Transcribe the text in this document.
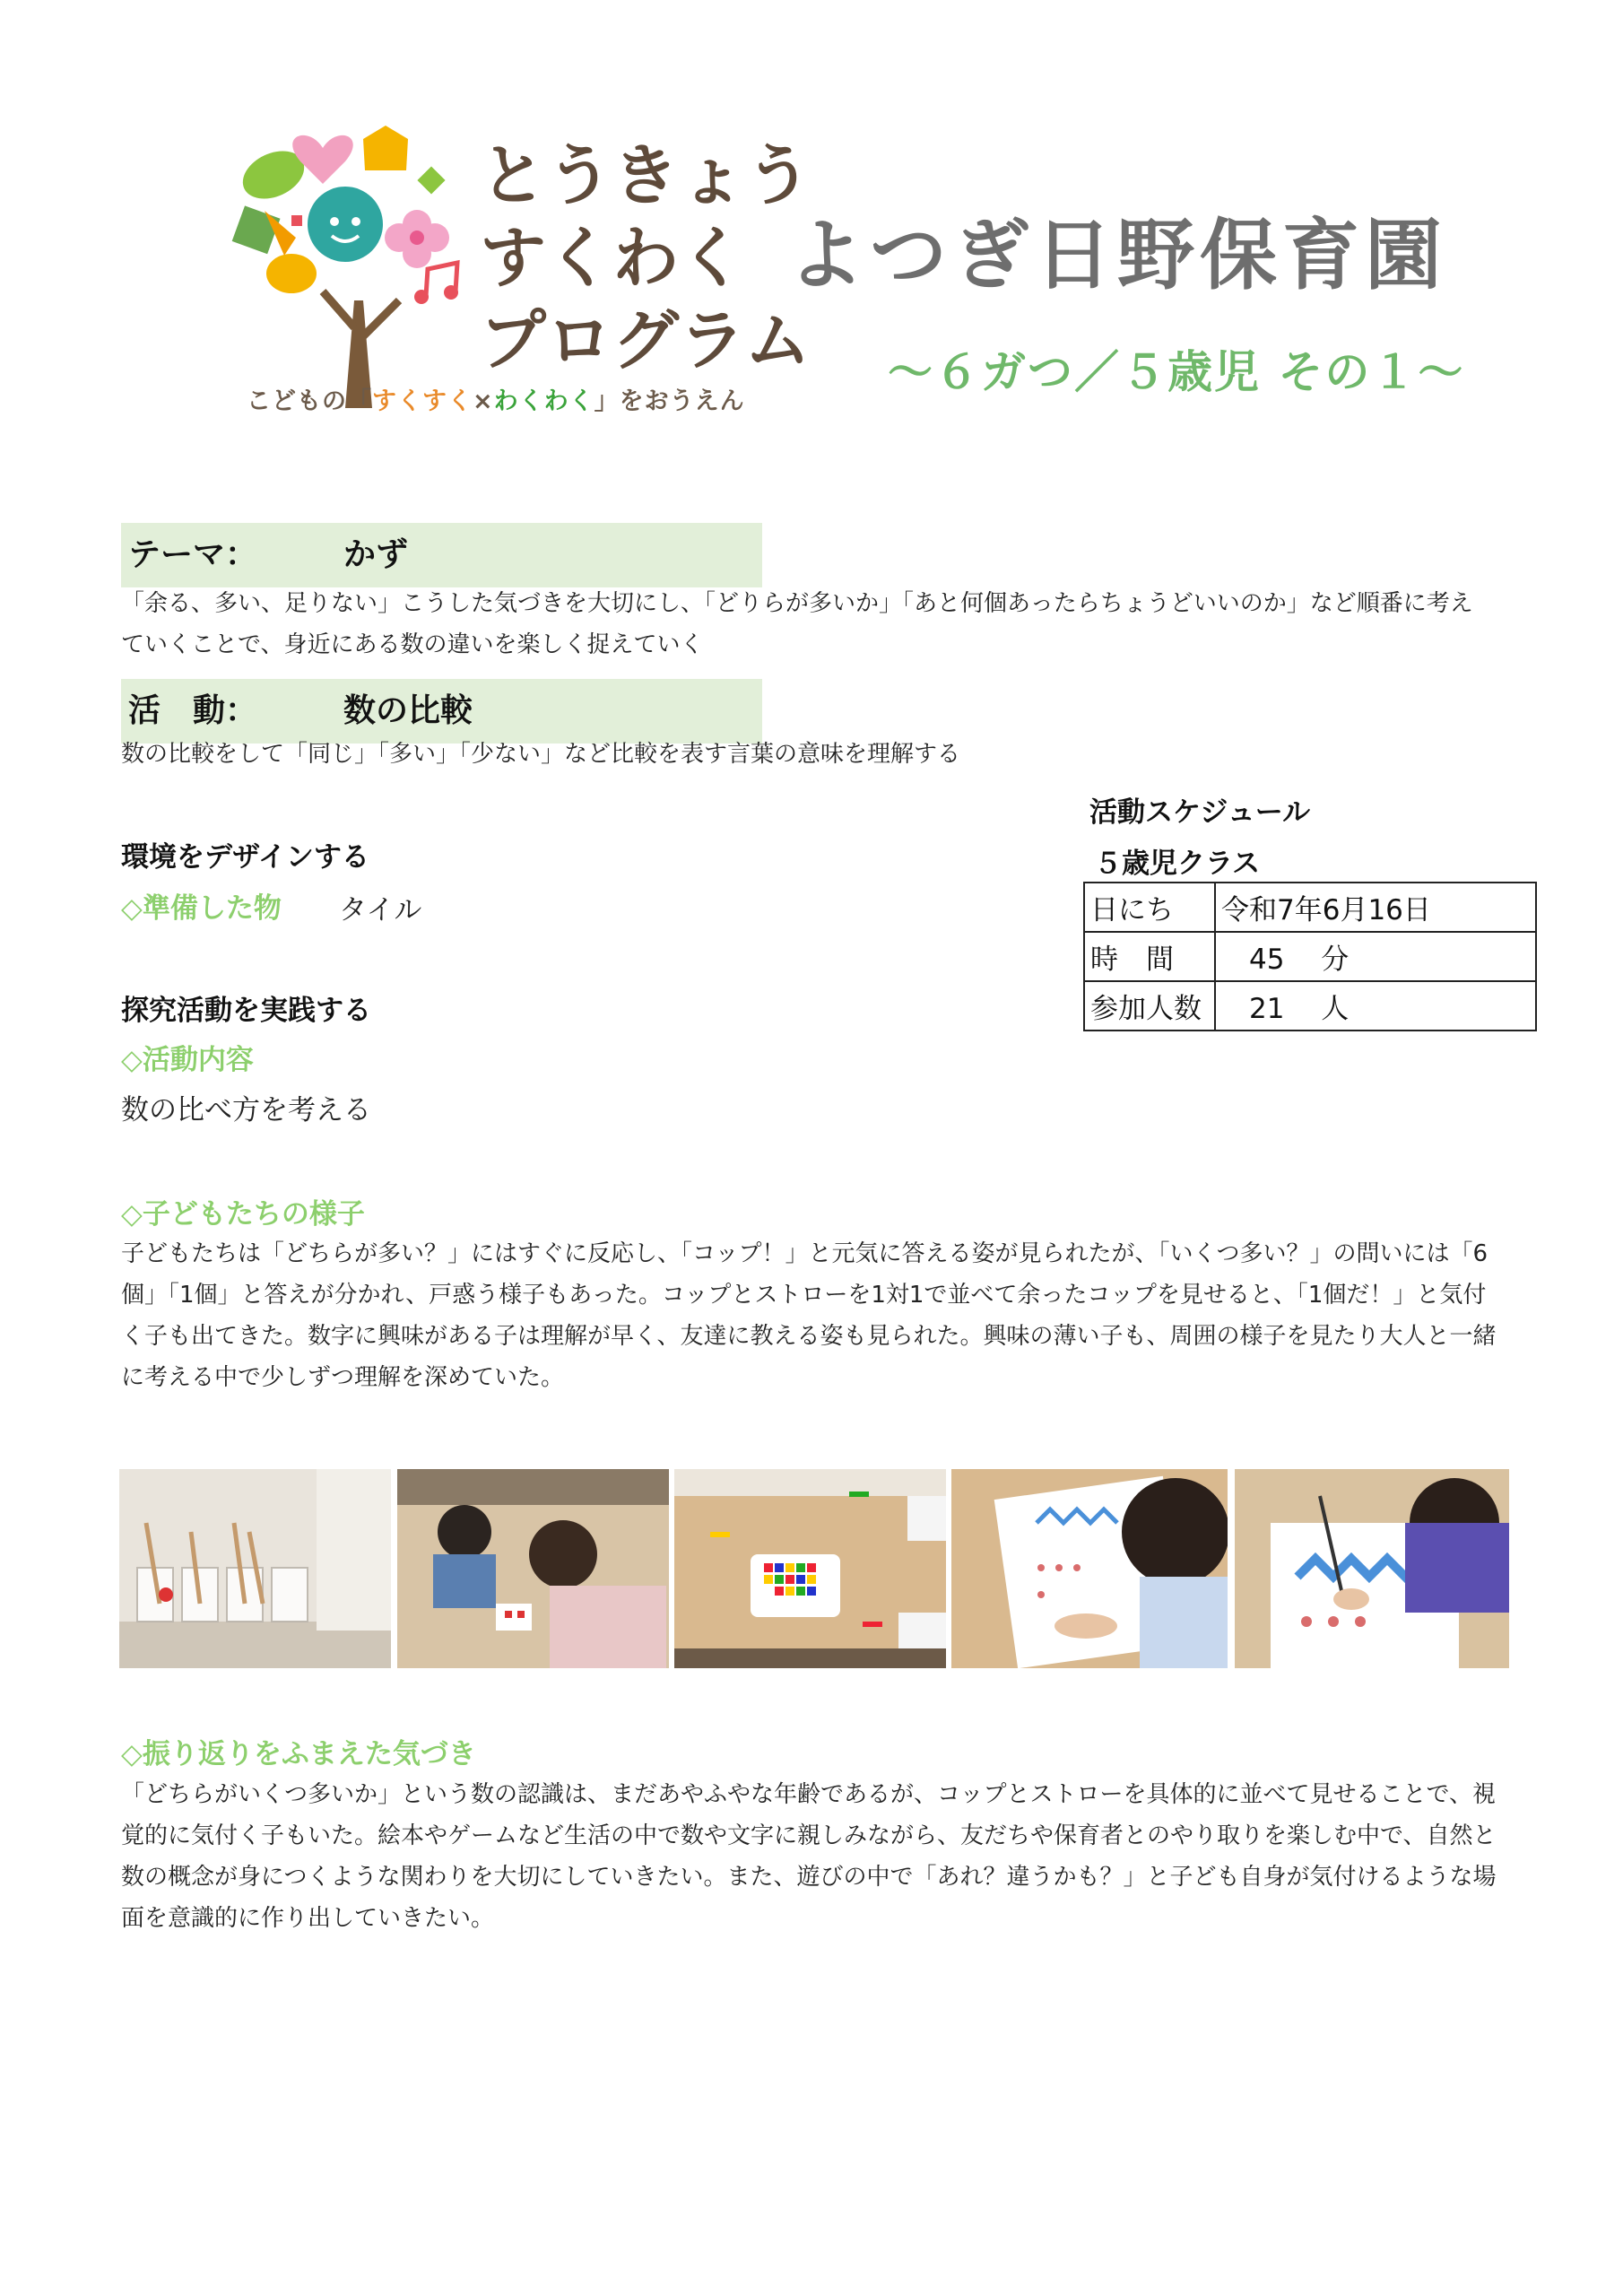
とうきょう
すくわく
プログラム
こどもの「すくすく×わくわく」をおうえん
よつぎ日野保育園
～６ガつ／５歳児 その１～
テーマ：	かず
「余る、多い、足りない」こうした気づきを大切にし、「どりらが多いか」「あと何個あったらちょうどいいのか」など順番に考え
ていくことで、身近にある数の違いを楽しく捉えていく
活　動：	数の比較
数の比較をして「同じ」「多い」「少ない」など比較を表す言葉の意味を理解する
環境をデザインする
◇準備した物 タイル
探究活動を実践する
◇活動内容
数の比べ方を考える
◇子どもたちの様子
子どもたちは「どちらが多い？」にはすぐに反応し、「コップ！」と元気に答える姿が見られたが、「いくつ多い？」の問いには「6
個」「1個」と答えが分かれ、戸惑う様子もあった。コップとストローを1対1で並べて余ったコップを見せると、「1個だ！」と気付
く子も出てきた。数字に興味がある子は理解が早く、友達に教える姿も見られた。興味の薄い子も、周囲の様子を見たり大人と一緒
に考える中で少しずつ理解を深めていた。
活動スケジュール
５歳児クラス
日にち	令和7年6月16日
時　間	　45　 分
参加人数	　21　 人
◇振り返りをふまえた気づき
「どちらがいくつ多いか」という数の認識は、まだあやふやな年齢であるが、コップとストローを具体的に並べて見せることで、視
覚的に気付く子もいた。絵本やゲームなど生活の中で数や文字に親しみながら、友だちや保育者とのやり取りを楽しむ中で、自然と
数の概念が身につくような関わりを大切にしていきたい。また、遊びの中で「あれ？違うかも？」と子ども自身が気付けるような場
面を意識的に作り出していきたい。
